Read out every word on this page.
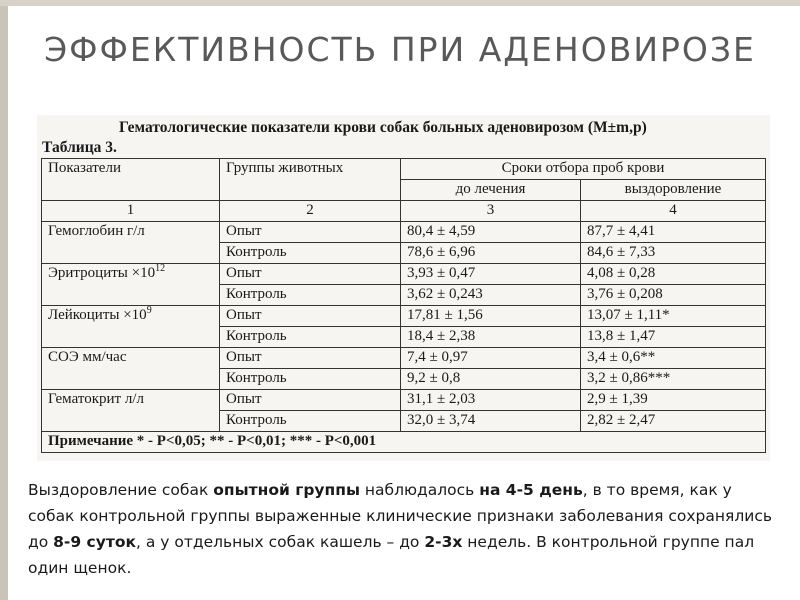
ЭФФЕКТИВНОСТЬ ПРИ АДЕНОВИРОЗЕ
Гематологические показатели крови собак больных аденовирозом (M±m,p)
Таблица 3.
Показатели	Группы животных	Сроки отбора проб крови	
		до лечения	выздоровление
1	2	3	4
Гемоглобин г/л	Опыт	80,4 ± 4,59	87,7 ± 4,41
	Контроль	78,6 ± 6,96	84,6 ± 7,33
Эритроциты $\times 10^{12}$	Опыт	3,93 ± 0,47	4,08 ± 0,28
	Контроль	3,62 ± 0,243	3,76 ± 0,208
Лейкоциты $\times 10^9$	Опыт	17,81 ± 1,56	13,07 ± 1,11*
	Контроль	18,4 ± 2,38	13,8 ± 1,47
СОЭ мм/час	Опыт	7,4 ± 0,97	3,4 ± 0,6**
	Контроль	9,2 ± 0,8	3,2 ± 0,86***
Гематокрит л/л	Опыт	31,1 ± 2,03	2,9 ± 1,39
	Контроль	32,0 ± 3,74	2,82 ± 2,47
Примечание * - P<0,05; ** - P<0,01; *** - P<0,001			
Выздоровление собак опытной группы наблюдалось на 4-5 день, в то время, как у собак контрольной группы выраженные клинические признаки заболевания сохранялись до 8-9 суток, а у отдельных собак кашель – до 2-3х недель. В контрольной группе пал один щенок.
